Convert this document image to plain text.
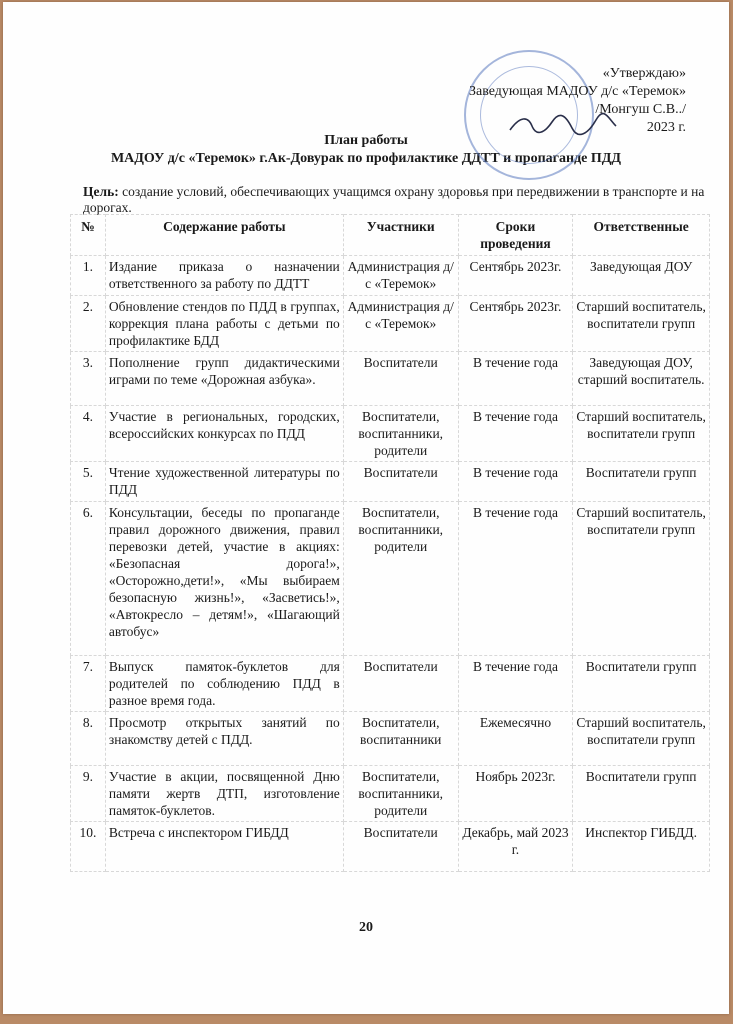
«Утверждаю»
Заведующая МАДОУ д/с «Теремок»
/Монгуш С.В../
2023 г.
План работы
МАДОУ д/с «Теремок» г.Ак-Довурак по профилактике ДДТТ и пропаганде ПДД
Цель: создание условий, обеспечивающих учащимся охрану здоровья при передвижении в транспорте и на дорогах.
№	Содержание работы	Участники	Сроки проведения	Ответственные
1.	Издание приказа о назначении ответственного за работу по ДДТТ	Администрация д/с «Теремок»	Сентябрь 2023г.	Заведующая ДОУ
2.	Обновление стендов по ПДД в группах, коррекция плана работы с детьми по профилактике БДД	Администрация д/с «Теремок»	Сентябрь 2023г.	Старший воспитатель, воспитатели групп
3.	Пополнение групп дидактическими играми по теме «Дорожная азбука».	Воспитатели	В течение года	Заведующая ДОУ, старший воспитатель.
4.	Участие в региональных, городских, всероссийских конкурсах по ПДД	Воспитатели, воспитанники, родители	В течение года	Старший воспитатель, воспитатели групп
5.	Чтение художественной литературы по ПДД	Воспитатели	В течение года	Воспитатели групп
6.	Консультации, беседы по пропаганде правил дорожного движения, правил перевозки детей, участие в акциях: «Безопасная дорога!», «Осторожно,дети!», «Мы выбираем безопасную жизнь!», «Засветись!», «Автокресло – детям!», «Шагающий автобус»	Воспитатели, воспитанники, родители	В течение года	Старший воспитатель, воспитатели групп
7.	Выпуск памяток-буклетов для родителей по соблюдению ПДД в разное время года.	Воспитатели	В течение года	Воспитатели групп
8.	Просмотр открытых занятий по знакомству детей с ПДД.	Воспитатели, воспитанники	Ежемесячно	Старший воспитатель, воспитатели групп
9.	Участие в акции, посвященной Дню памяти жертв ДТП, изготовление памяток-буклетов.	Воспитатели, воспитанники, родители	Ноябрь 2023г.	Воспитатели групп
10.	Встреча с инспектором ГИБДД	Воспитатели	Декабрь, май 2023 г.	Инспектор ГИБДД.
20
